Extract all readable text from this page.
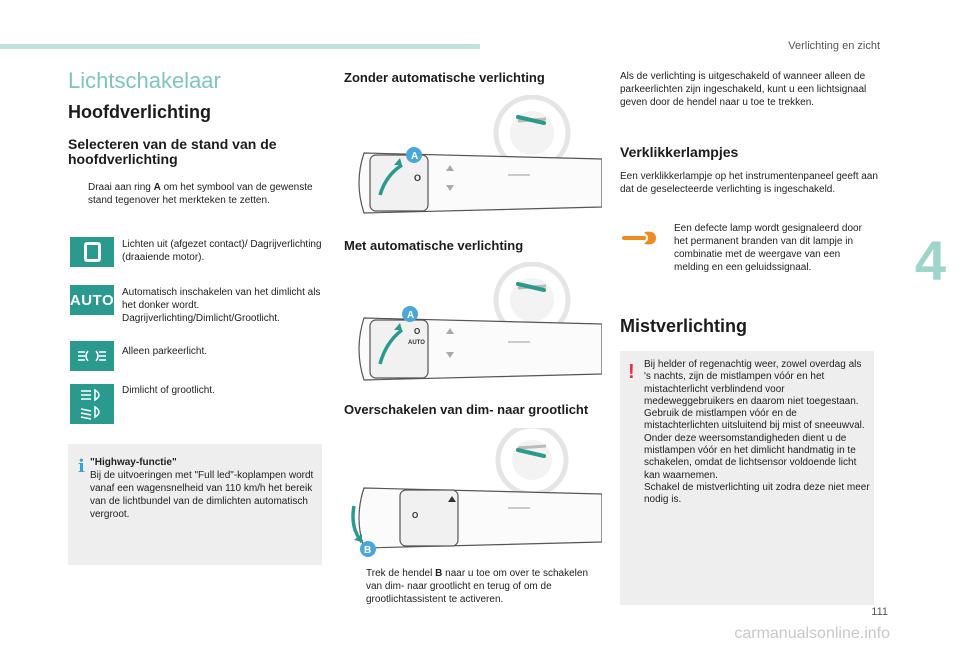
Verlichting en zicht
4
111
carmanualsonline.info
Lichtschakelaar
Hoofdverlichting
Selecteren van de stand van de hoofdverlichting
Draai aan ring A om het symbool van de gewenste stand tegenover het merkteken te zetten.
Lichten uit (afgezet contact)/ Dagrijverlichting (draaiende motor).
AUTO Automatisch inschakelen van het dimlicht als het donker wordt. Dagrijverlichting/Dimlicht/Grootlicht.
Alleen parkeerlicht.
Dimlicht of grootlicht.
i "Highway-functie"
Bij de uitvoeringen met "Full led"-koplampen wordt vanaf een wagensnelheid van 110 km/h het bereik van de lichtbundel van de dimlichten automatisch vergroot.
Zonder automatische verlichting
O
A
Met automatische verlichting
O
AUTO
A
Overschakelen van dim- naar grootlicht
B
O
Trek de hendel B naar u toe om over te schakelen van dim- naar grootlicht en terug of om de grootlichtassistent te activeren.
Als de verlichting is uitgeschakeld of wanneer alleen de parkeerlichten zijn ingeschakeld, kunt u een lichtsignaal geven door de hendel naar u toe te trekken.
Verklikkerlampjes
Een verklikkerlampje op het instrumentenpaneel geeft aan dat de geselecteerde verlichting is ingeschakeld.
Een defecte lamp wordt gesignaleerd door het permanent branden van dit lampje in combinatie met de weergave van een melding en een geluidssignaal.
Mistverlichting
! Bij helder of regenachtig weer, zowel overdag als 's nachts, zijn de mistlampen vóór en het mistachterlicht verblindend voor medeweggebruikers en daarom niet toegestaan. Gebruik de mistlampen vóór en de mistachterlichten uitsluitend bij mist of sneeuwval.
Onder deze weersomstandigheden dient u de mistlampen vóór en het dimlicht handmatig in te schakelen, omdat de lichtsensor voldoende licht kan waarnemen.
Schakel de mistverlichting uit zodra deze niet meer nodig is.
